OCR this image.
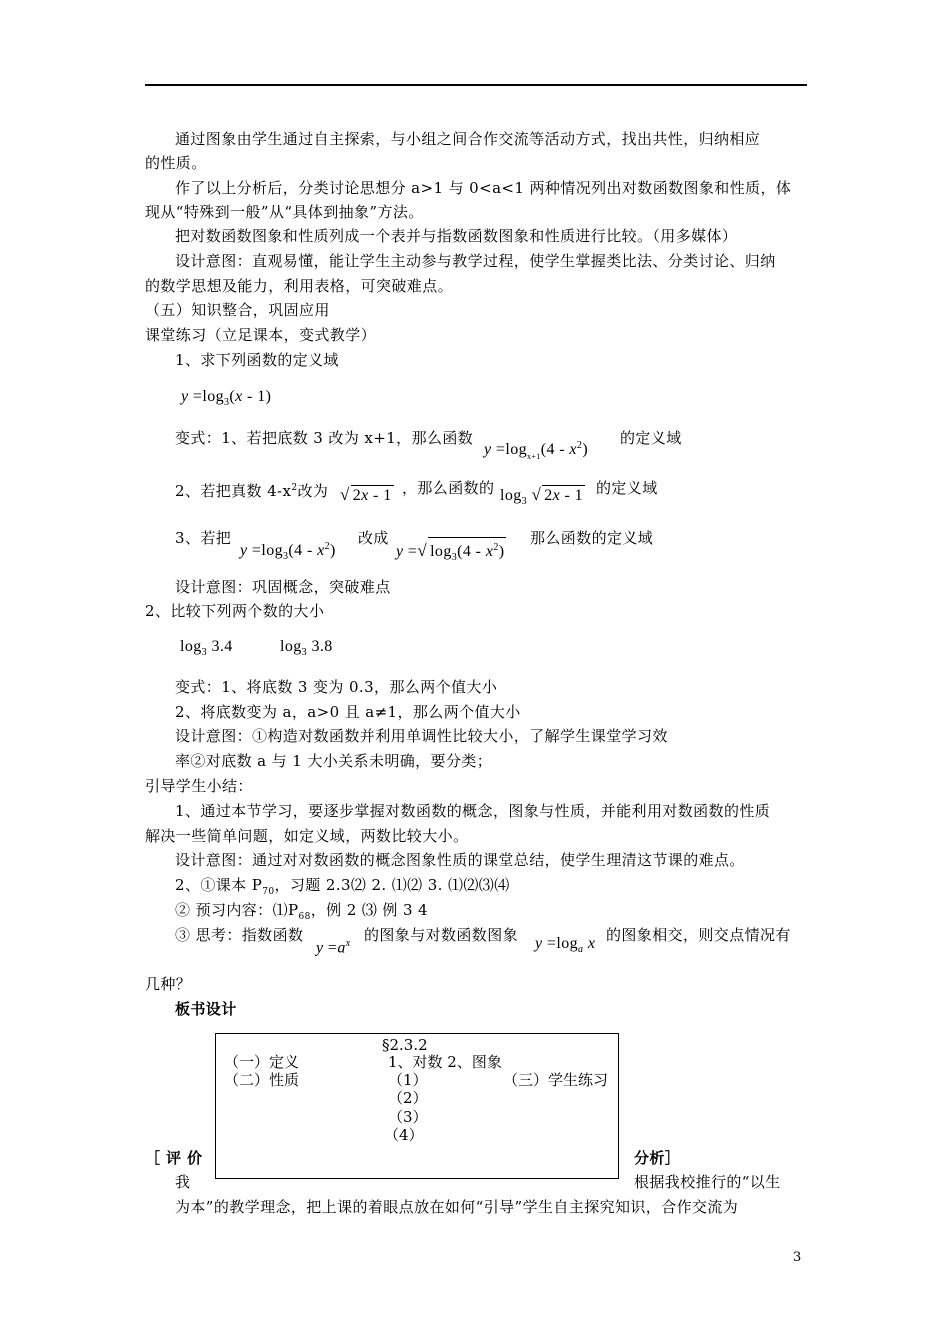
通过图象由学生通过自主探索，与小组之间合作交流等活动方式，找出共性，归纳相应
的性质。
作了以上分析后，分类讨论思想分 a>1 与 0<a<1 两种情况列出对数函数图象和性质，体
现从“特殊到一般”从“具体到抽象”方法。
把对数函数图象和性质列成一个表并与指数函数图象和性质进行比较。（用多媒体）
设计意图：直观易懂，能让学生主动参与教学过程，使学生掌握类比法、分类讨论、归纳
的数学思想及能力，利用表格，可突破难点。
（五）知识整合，巩固应用
课堂练习（立足课本，变式教学）
1、求下列函数的定义域
$y =\log_3(x - 1)$
变式：1、若把底数 3 改为 x+1，那么函数
$y =\log_{x+1}(4 - x^2)$
的定义域
2、若把真数 $4-x^2$改为 √ 2x - 1 ，那么函数的 $\log_3$ √ 2x - 1 的定义域
3、若把
$y =\log_3(4 - x^2)$
改成
y =√ $\log_3(4 - x^2)$
那么函数的定义域
设计意图：巩固概念，突破难点
2、比较下列两个数的大小
$\log_3 3.4$	$\log_3 3.8$
变式：1、将底数 3 变为 0.3，那么两个值大小
2、将底数变为 a，a>0 且 a≠1，那么两个值大小
设计意图：①构造对数函数并利用单调性比较大小，了解学生课堂学习效
率②对底数 a 与 1 大小关系未明确，要分类；
引导学生小结：
1、通过本节学习，要逐步掌握对数函数的概念，图象与性质，并能利用对数函数的性质
解决一些简单问题，如定义域，两数比较大小。
设计意图：通过对对数函数的概念图象性质的课堂总结，使学生理清这节课的难点。
2、①课本 $P_{70}$，习题 2.3⑵ 2. ⑴⑵ 3. ⑴⑵⑶⑷
② 预习内容：$⑴P_{68}$，例 2 ⑶ 例 3 4
③ 思考：指数函数
$y =a^x$ 的图象与对数函数图象 $y =\log_a$ x 的图象相交，则交点情况有
几种？
板书设计
§2.3.2
（一）定义	1、对数 2、图象
（二）性质	（1）	（三）学生练习
（2）
（3）
（4）
［ 评 价	分析］
我	根据我校推行的“以生
为本”的教学理念，把上课的着眼点放在如何“引导”学生自主探究知识，合作交流为
3
